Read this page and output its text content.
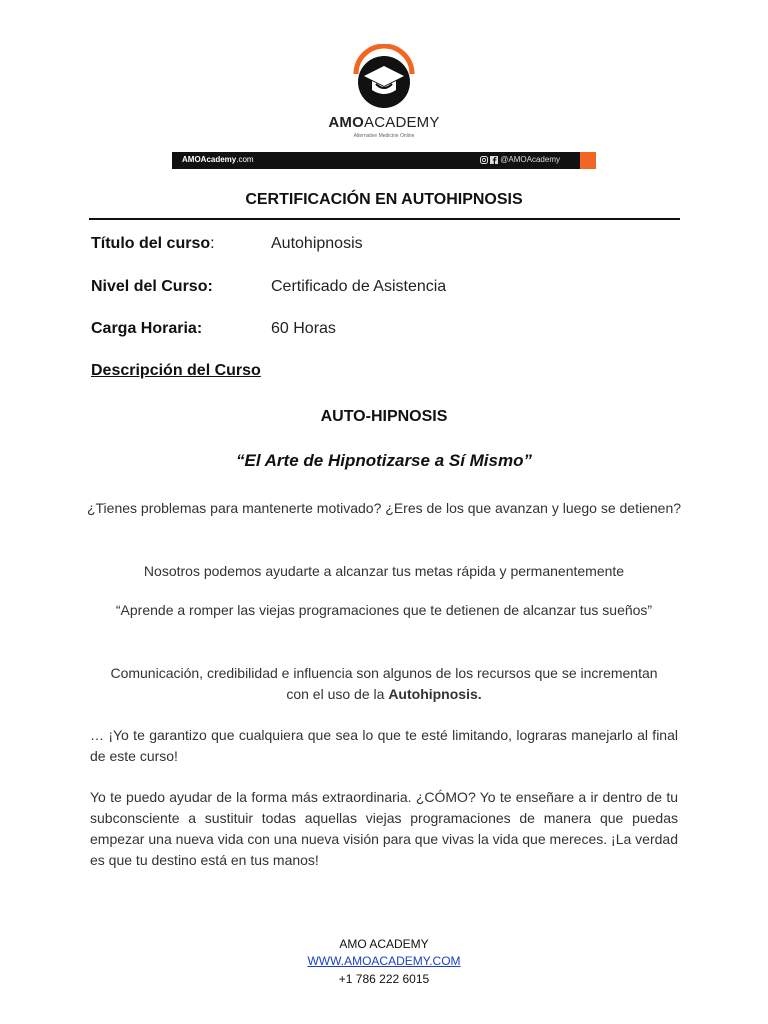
AMOACADEMY
Alternative Medicine Online
AMOAcademy.com	@AMOAcademy
CERTIFICACIÓN EN AUTOHIPNOSIS
Título del curso:	Autohipnosis
Nivel del Curso:	Certificado de Asistencia
Carga Horaria:	60 Horas
Descripción del Curso
AUTO-HIPNOSIS
“El Arte de Hipnotizarse a Sí Mismo”
¿Tienes problemas para mantenerte motivado? ¿Eres de los que avanzan y luego se detienen?
Nosotros podemos ayudarte a alcanzar tus metas rápida y permanentemente
“Aprende a romper las viejas programaciones que te detienen de alcanzar tus sueños”
Comunicación, credibilidad e influencia son algunos de los recursos que se incrementan con el uso de la Autohipnosis.
… ¡Yo te garantizo que cualquiera que sea lo que te esté limitando, lograras manejarlo al final de este curso!
Yo te puedo ayudar de la forma más extraordinaria. ¿CÓMO? Yo te enseñare a ir dentro de tu subconsciente a sustituir todas aquellas viejas programaciones de manera que puedas empezar una nueva vida con una nueva visión para que vivas la vida que mereces. ¡La verdad es que tu destino está en tus manos!
AMO ACADEMY
WWW.AMOACADEMY.COM
+1 786 222 6015
